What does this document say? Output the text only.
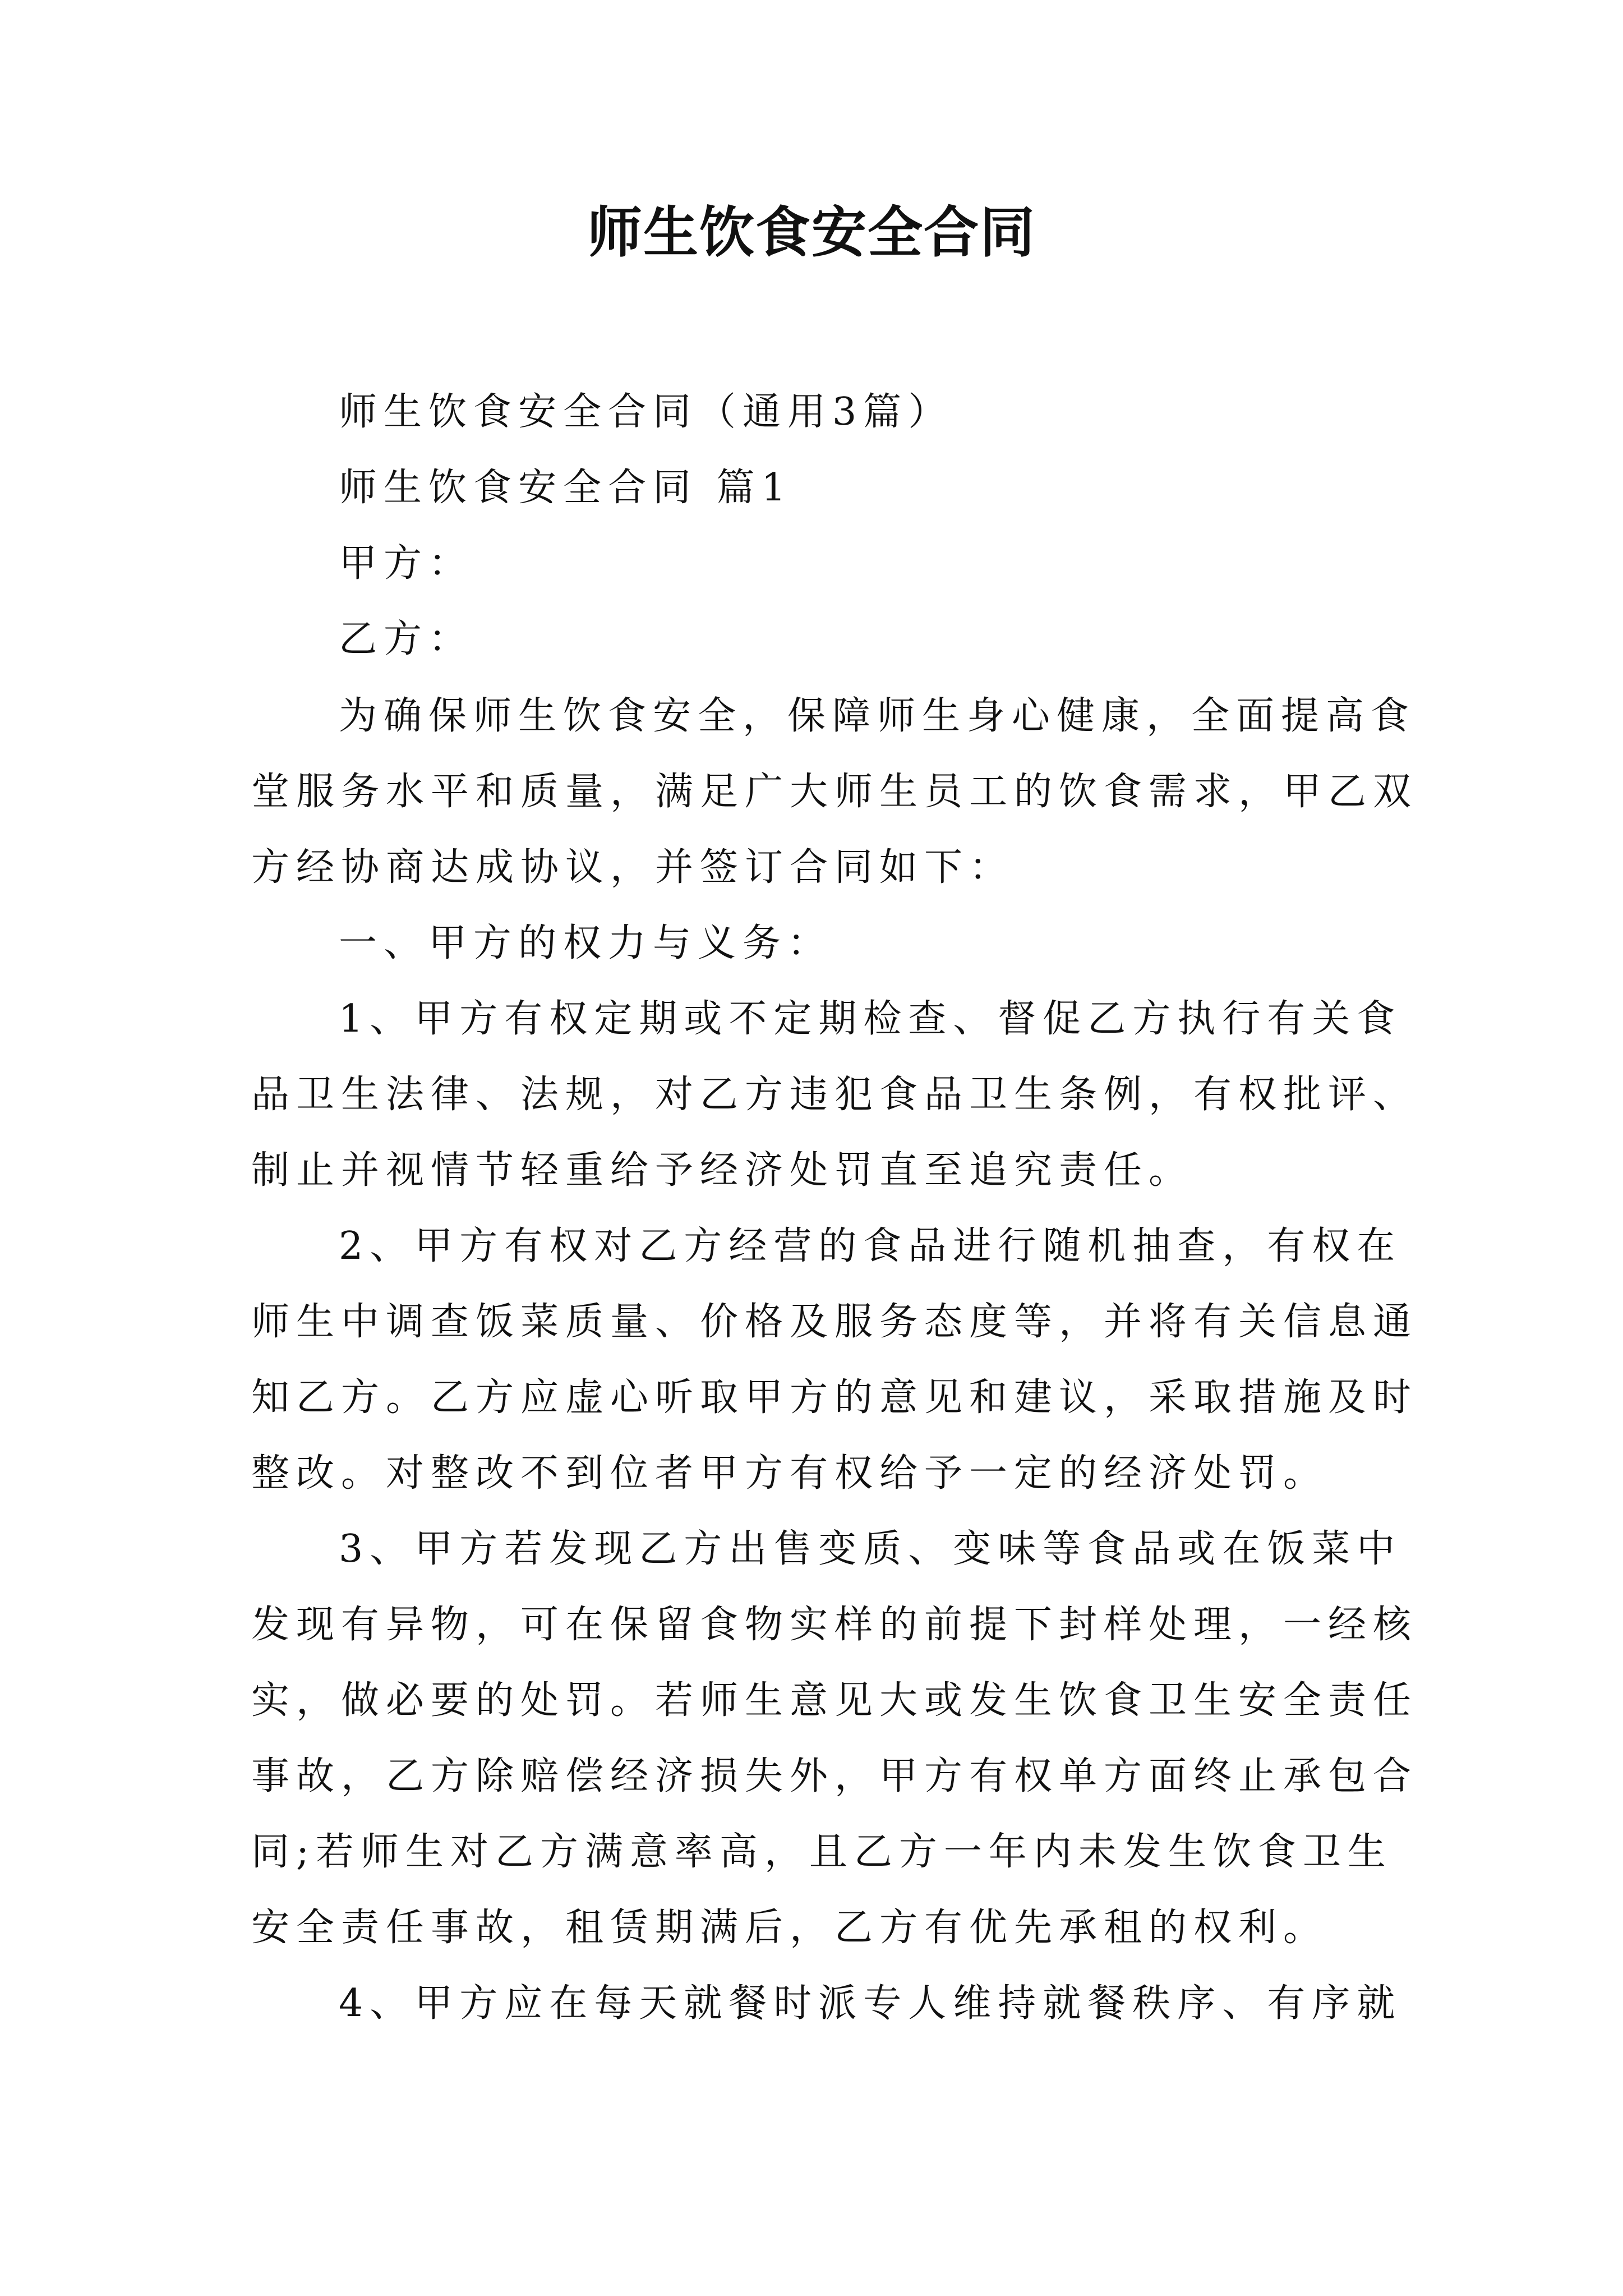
师生饮食安全合同

师生饮食安全合同（通用3篇）

师生饮食安全合同 篇1

甲方：

乙方：

为确保师生饮食安全，保障师生身心健康，全面提高食

堂服务水平和质量，满足广大师生员工的饮食需求，甲乙双

方经协商达成协议，并签订合同如下：

一、甲方的权力与义务：

1、甲方有权定期或不定期检查、督促乙方执行有关食

品卫生法律、法规，对乙方违犯食品卫生条例，有权批评、

制止并视情节轻重给予经济处罚直至追究责任。

2、甲方有权对乙方经营的食品进行随机抽查，有权在

师生中调查饭菜质量、价格及服务态度等，并将有关信息通

知乙方。乙方应虚心听取甲方的意见和建议，采取措施及时

整改。对整改不到位者甲方有权给予一定的经济处罚。

3、甲方若发现乙方出售变质、变味等食品或在饭菜中

发现有异物，可在保留食物实样的前提下封样处理，一经核

实，做必要的处罚。若师生意见大或发生饮食卫生安全责任

事故，乙方除赔偿经济损失外，甲方有权单方面终止承包合

同;若师生对乙方满意率高，且乙方一年内未发生饮食卫生

安全责任事故，租赁期满后，乙方有优先承租的权利。

4、甲方应在每天就餐时派专人维持就餐秩序、有序就
